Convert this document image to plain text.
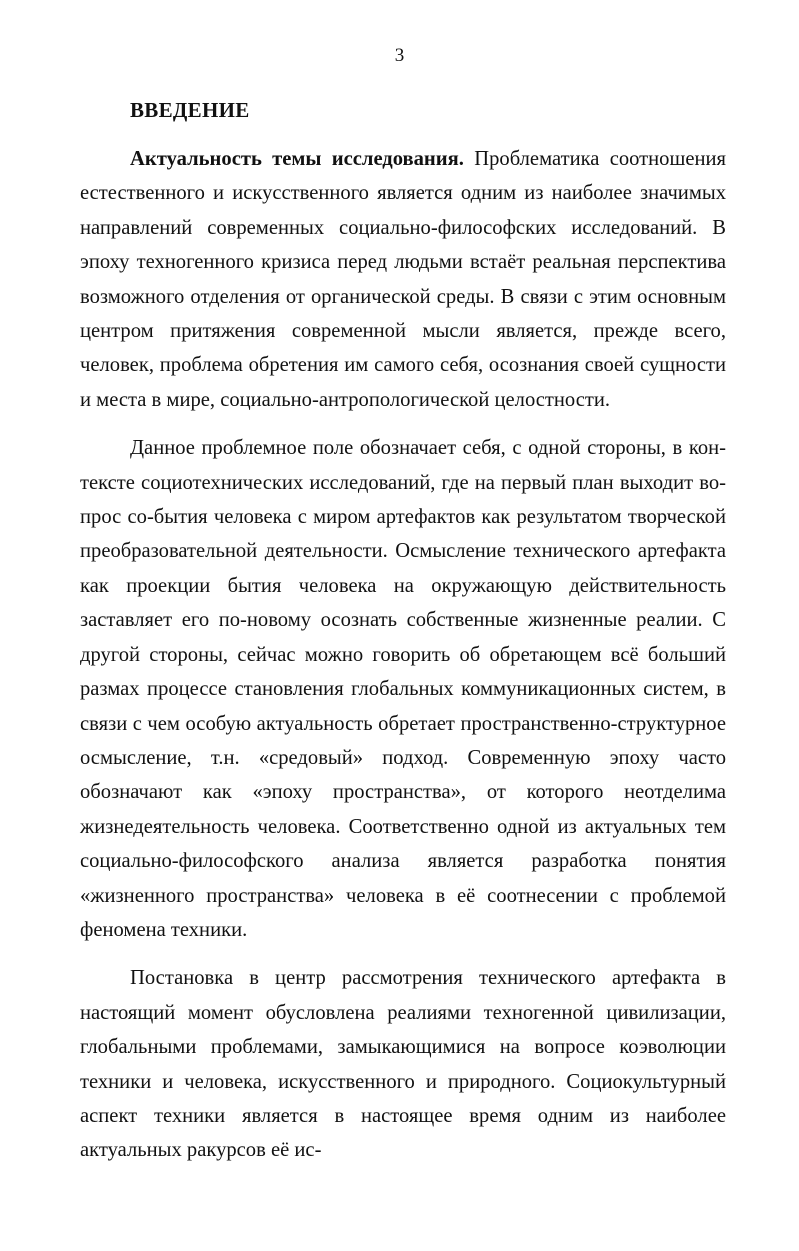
3
ВВЕДЕНИЕ

Актуальность темы исследования. Проблематика соотношения естественного и искусственного является одним из наиболее значимых направлений современных социально-философских исследований. В эпоху техногенного кризиса перед людьми встаёт реальная перспектива возможного отделения от органической среды. В связи с этим основным центром притяжения современной мысли является, прежде всего, человек, проблема обретения им самого себя, осознания своей сущности и места в мире, социально-антропологической целостности.

Данное проблемное поле обозначает себя, с одной стороны, в контексте социотехнических исследований, где на первый план выходит вопрос со-бытия человека с миром артефактов как результатом творческой преобразовательной деятельности. Осмысление технического артефакта как проекции бытия человека на окружающую действительность заставляет его по-новому осознать собственные жизненные реалии. С другой стороны, сейчас можно говорить об обретающем всё больший размах процессе становления глобальных коммуникационных систем, в связи с чем особую актуальность обретает пространственно-структурное осмысление, т.н. «средовый» подход. Современную эпоху часто обозначают как «эпоху пространства», от которого неотделима жизнедеятельность человека. Соответственно одной из актуальных тем социально-философского анализа является разработка понятия «жизненного пространства» человека в её соотнесении с проблемой феномена техники.

Постановка в центр рассмотрения технического артефакта в настоящий момент обусловлена реалиями техногенной цивилизации, глобальными проблемами, замыкающимися на вопросе коэволюции техники и человека, искусственного и природного. Социокультурный аспект техники является в настоящее время одним из наиболее актуальных ракурсов её ис-
